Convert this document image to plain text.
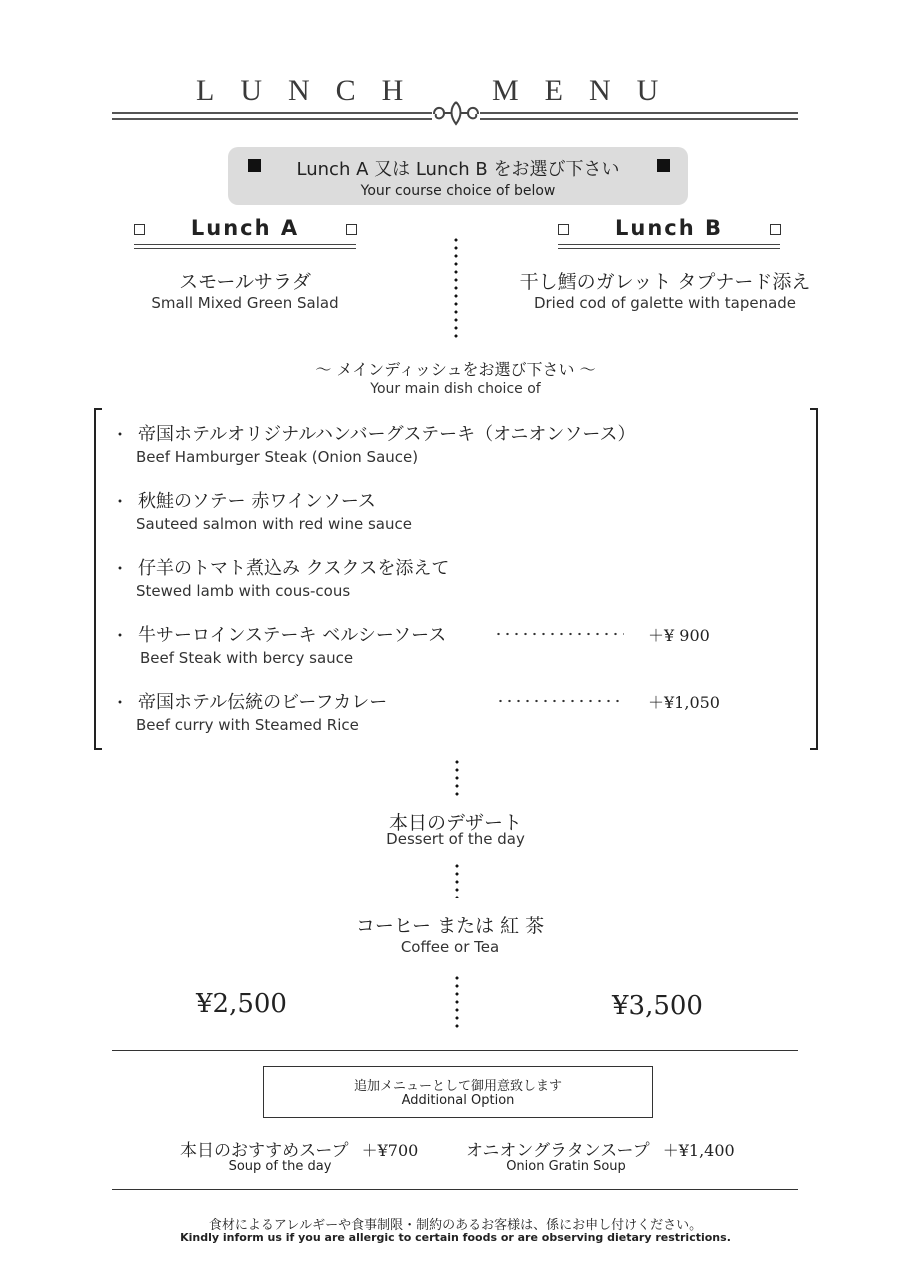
LUNCH MENU
Lunch A 又は Lunch B をお選び下さい
Your course choice of below
Lunch A	Lunch B
スモールサラダ
Small Mixed Green Salad
干し鱈のガレット タプナード添え
Dried cod of galette with tapenade
～ メインディッシュをお選び下さい ～
Your main dish choice of
・ 帝国ホテルオリジナルハンバーグステーキ（オニオンソース）
Beef Hamburger Steak (Onion Sauce)
・ 秋鮭のソテー 赤ワインソース
Sauteed salmon with red wine sauce
・ 仔羊のトマト煮込み クスクスを添えて
Stewed lamb with cous-cous
・ 牛サーロインステーキ ベルシーソース
Beef Steak with bercy sauce
＋¥ 900
・ 帝国ホテル伝統のビーフカレー
Beef curry with Steamed Rice
＋¥1,050
本日のデザート
Dessert of the day
コーヒー または 紅 茶
Coffee or Tea
¥2,500	¥3,500
追加メニューとして御用意致します
Additional Option
本日のおすすめスープ ＋¥700
Soup of the day
オニオングラタンスープ ＋¥1,400
Onion Gratin Soup
食材によるアレルギーや食事制限・制約のあるお客様は、係にお申し付けください。
Kindly inform us if you are allergic to certain foods or are observing dietary restrictions.
